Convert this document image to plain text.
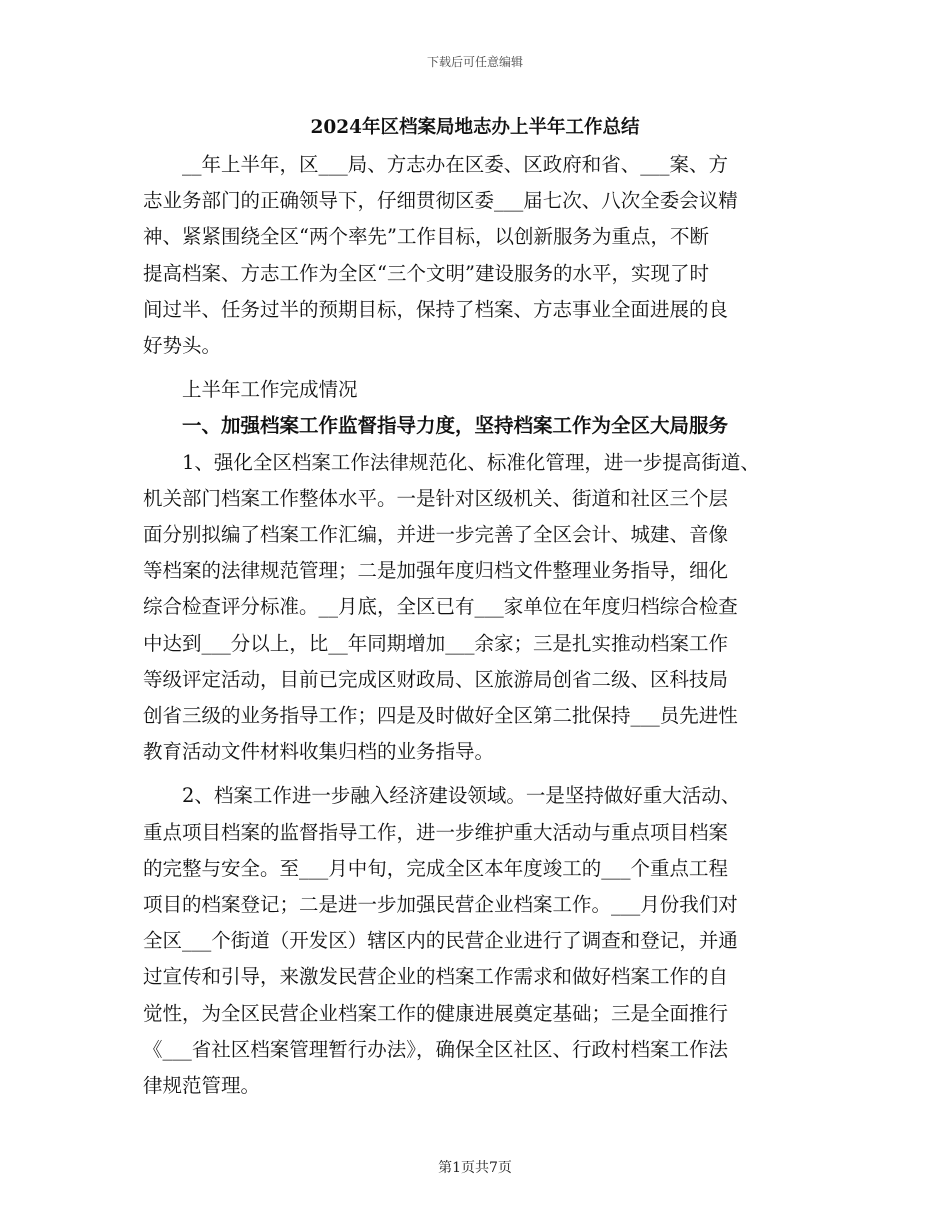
下载后可任意编辑
2024年区档案局地志办上半年工作总结
　　__年上半年，区___局、方志办在区委、区政府和省、___案、方
志业务部门的正确领导下，仔细贯彻区委___届七次、八次全委会议精
神、紧紧围绕全区“两个率先”工作目标，以创新服务为重点，不断
提高档案、方志工作为全区“三个文明”建设服务的水平，实现了时
间过半、任务过半的预期目标，保持了档案、方志事业全面进展的良
好势头。
　　上半年工作完成情况
　　一、加强档案工作监督指导力度，坚持档案工作为全区大局服务
　　1、强化全区档案工作法律规范化、标准化管理，进一步提高街道、
机关部门档案工作整体水平。一是针对区级机关、街道和社区三个层
面分别拟编了档案工作汇编，并进一步完善了全区会计、城建、音像
等档案的法律规范管理；二是加强年度归档文件整理业务指导，细化
综合检查评分标准。__月底，全区已有___家单位在年度归档综合检查
中达到___分以上，比__年同期增加___余家；三是扎实推动档案工作
等级评定活动，目前已完成区财政局、区旅游局创省二级、区科技局
创省三级的业务指导工作；四是及时做好全区第二批保持___员先进性
教育活动文件材料收集归档的业务指导。
　　2、档案工作进一步融入经济建设领域。一是坚持做好重大活动、
重点项目档案的监督指导工作，进一步维护重大活动与重点项目档案
的完整与安全。至___月中旬，完成全区本年度竣工的___个重点工程
项目的档案登记；二是进一步加强民营企业档案工作。___月份我们对
全区___个街道（开发区）辖区内的民营企业进行了调查和登记，并通
过宣传和引导，来激发民营企业的档案工作需求和做好档案工作的自
觉性，为全区民营企业档案工作的健康进展奠定基础；三是全面推行
《___省社区档案管理暂行办法》，确保全区社区、行政村档案工作法
律规范管理。
第1页共7页
